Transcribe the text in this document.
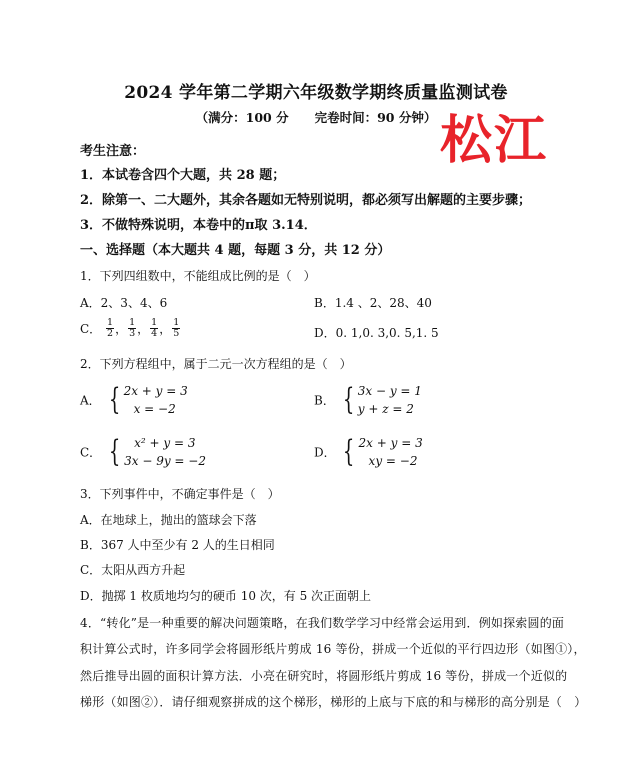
2024 学年第二学期六年级数学期终质量监测试卷
（满分：100 分 完卷时间：90 分钟） 松江
考生注意：
1．本试卷含四个大题，共 28 题；
2．除第一、二大题外，其余各题如无特别说明，都必须写出解题的主要步骤；
3．不做特殊说明，本卷中的π取 3.14．
一、选择题（本大题共 4 题，每题 3 分，共 12 分）
1．下列四组数中，不能组成比例的是（　）
A．2、3、4、6	B．1.4 、2、28、40
C． $\frac{1}{2}$ ， $\frac{1}{3}$ ， $\frac{1}{4}$ ， $\frac{1}{5}$	D．0. 1,0. 3,0. 5,1. 5
2．下列方程组中，属于二元一次方程组的是（　）
A． { 2x + y = 3
x = −2
B． { 3x − y = 1
y + z = 2
C． {	x² + y = 3
3x − 9y = −2
D． { 2x + y = 3
xy = −2
3．下列事件中，不确定事件是（　）
A．在地球上，抛出的篮球会下落
B．367 人中至少有 2 人的生日相同
C．太阳从西方升起
D．抛掷 1 枚质地均匀的硬币 10 次，有 5 次正面朝上
4．“转化”是一种重要的解决问题策略，在我们数学学习中经常会运用到．例如探索圆的面
积计算公式时，许多同学会将圆形纸片剪成 16 等份，拼成一个近似的平行四边形（如图①），
然后推导出圆的面积计算方法．小亮在研究时，将圆形纸片剪成 16 等份，拼成一个近似的
梯形（如图②）．请仔细观察拼成的这个梯形，梯形的上底与下底的和与梯形的高分别是（　）
